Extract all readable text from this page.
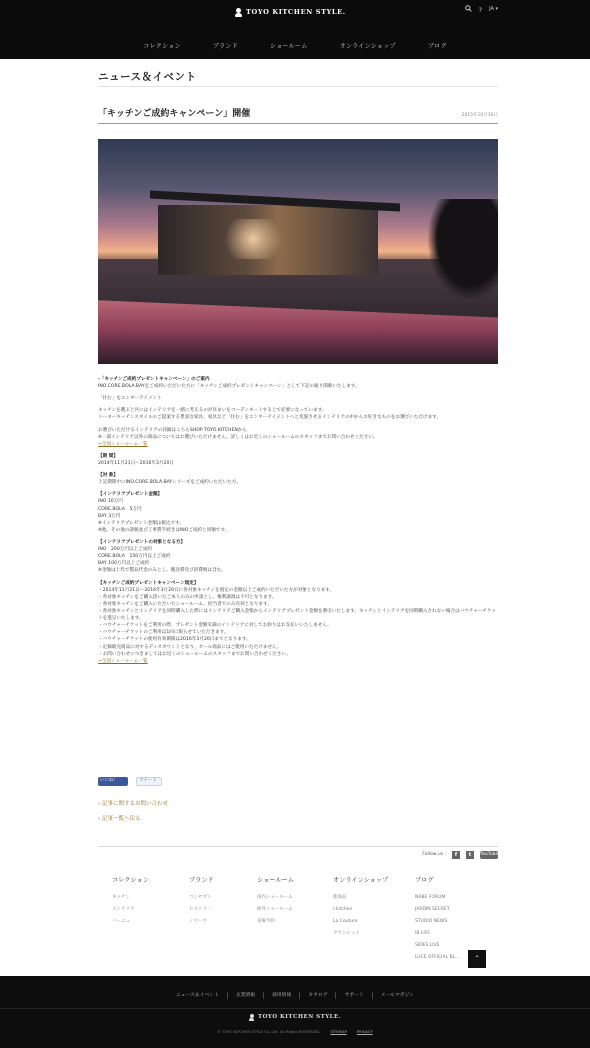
TOYO KITCHEN STYLE.	? JA ▾
コレクション	ブランド	ショールーム	オンラインショップ	ブログ
ニュース＆イベント
「キッチンご成約キャンペーン」開催	2015年10月30日

-「キッチンご成約プレゼントキャンペーン」のご案内

INO.CORE.BOLA.BAYをご成約いただいた方に「キッチンご成約プレゼントキャンペーン」として下記の通り開催いたします。

「住む」をエンターテイメント

キッチンを選ぶと共にはインテリアを一緒に考えるのが住まいをコーディネートする上で必要になっています。

トーヨーキッチンスタイルのご提案する豊富な家具、家具など「住む」をエンターテイメントへと変貌させるインテリアの中からお好きなものをお選びいただけます。

お選びいただけるインテリアの詳細はこちらSHOP TOYO KITCHENから

※一部インテリア以外の商品についてはお選びいただけません。詳しくはお近くのショールームのスタッフまでお問い合わせください。

→全国ショールーム一覧

【期 間】

2014年11月21日〜2016年3月20日

【対 象】

上記期間中にINO.CORE.BOLA.BAYシリーズをご成約いただいた方。

【インテリアプレゼント金額】

INO 10万円

CORE.BOLA　5万円

BAY 3万円

※インテリアプレゼント金額は税込です。

※他、その他の諸税並び工事費手続きはINOご成約と同額です。

【インテリアプレゼントの対象となる方】

INO　200万円以上ご成約

CORE.BOLA　150万円以上ご成約

BAY 100万円以上ご成約

※金額は上代で製品代金のみとし、搬送費及び消費税は含む。

【キッチンご成約プレゼントキャンペーン規定】

・2014年11月21日〜2016年3月20日に各対象キッチンを規定の金額以上ご成約いただいた方が対象となります。

・各対象キッチンをご購入頂いたご本人のみの申請とし、権利譲渡は不可となります。

・各対象キッチンをご購入いただいたショールーム、担当者でのみ有効となります。

・各対象キッチンとインテリアを同時購入した際にはインテリアご購入金額からインテリアプレゼント金額を割引いたします。キッチンとインテリアを同時購入されない場合はバウチャーチケットを進呈いたします。

・バウチャーチケットをご利用の際、プレゼント金額未満のインテリアに対してお釣りはお支払いいたしません。

・バウチャーチケットのご利用は1回に限らせていただきます。

・バウチャーチケットの使用有効期限は2016年3月20日までとなります。

・定価販売商品に対するディスカウントとなり、セール商品にはご使用いただけません。

・お問い合わせにつきましてはお近くのショールームのスタッフまでお問い合わせください。

→全国ショールーム一覧

いいね！	ツイート
› 記事に関するお問い合わせ
› 記事一覧へ戻る
Follow us :	f	t	YouTube
コレクション
キッチン
インテリア
バーニュ
ブランド
コンセプト
ヒストリー
ノウハウ
ショールーム
国内ショールーム
海外ショールーム
来場予約
オンラインショップ
新商品
i-kitchen
La Couture
アウトレット
ブログ
NABE FORUM
JARDIN SECRET
STUDIO NEWS
IB LIFE
SIDES LIVE
LUCE OFFICIAL BL...	⌃
ニュース＆イベント	企業情報	採用情報	カタログ	サポート	メールマガジン
TOYO KITCHEN STYLE.
© TOYO KITCHEN STYLE Co.,Ltd. All Rights RESERVED.	SITEMAP	PRIVACY
